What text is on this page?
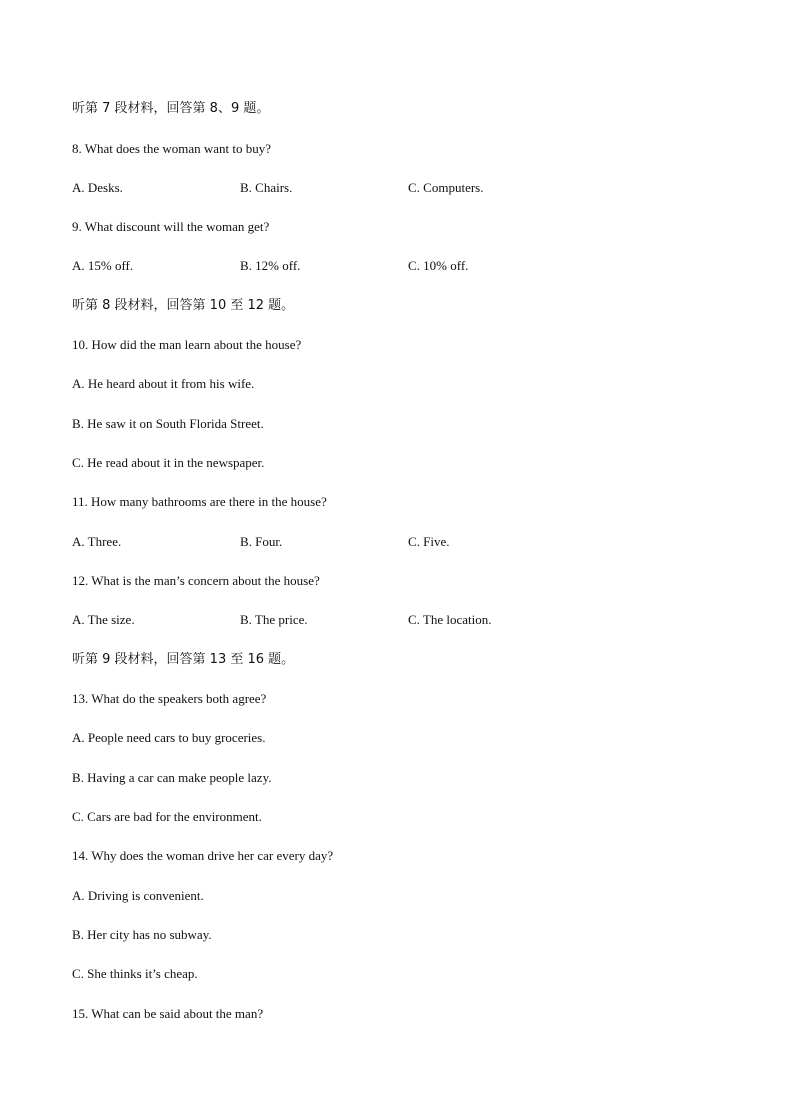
听第 7 段材料，回答第 8、9 题。
8. What does the woman want to buy?
A. Desks.	B. Chairs.	C. Computers.
9. What discount will the woman get?
A. 15% off.	B. 12% off.	C. 10% off.
听第 8 段材料，回答第 10 至 12 题。
10. How did the man learn about the house?
A. He heard about it from his wife.
B. He saw it on South Florida Street.
C. He read about it in the newspaper.
11. How many bathrooms are there in the house?
A. Three.	B. Four.	C. Five.
12. What is the man’s concern about the house?
A. The size.	B. The price.	C. The location.
听第 9 段材料，回答第 13 至 16 题。
13. What do the speakers both agree?
A. People need cars to buy groceries.
B. Having a car can make people lazy.
C. Cars are bad for the environment.
14. Why does the woman drive her car every day?
A. Driving is convenient.
B. Her city has no subway.
C. She thinks it’s cheap.
15. What can be said about the man?
